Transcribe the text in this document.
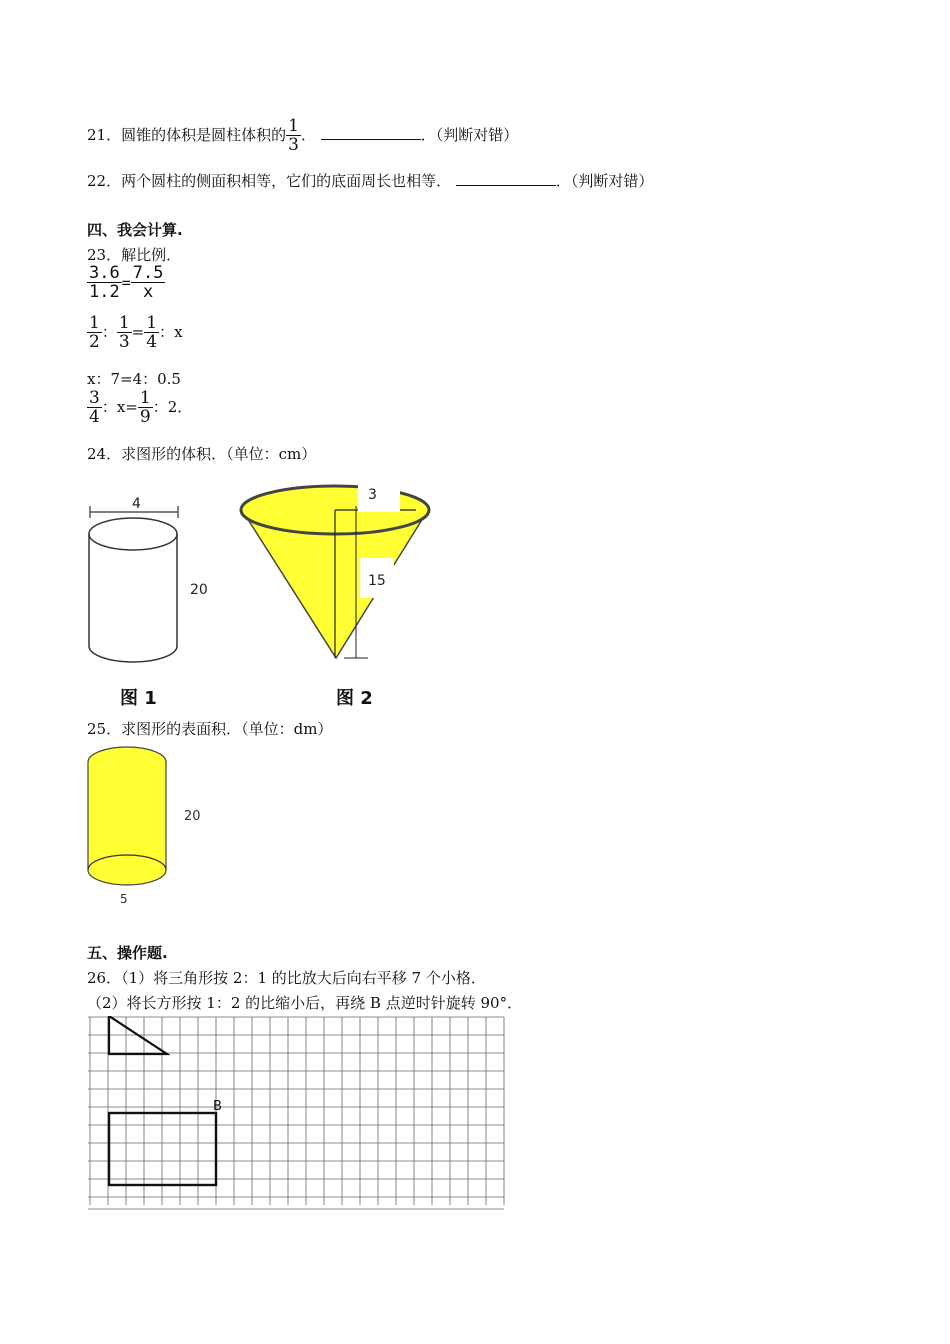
21．圆锥的体积是圆柱体积的 $\frac{1}{3}$ ．	．（判断对错）
22．两个圆柱的侧面积相等，它们的底面周长也相等．	．（判断对错）
四、我会计算.
23．解比例．
$\frac{3.6}{1.2} = \frac{7.5}{x}$
$\frac{1}{2}$ ： $\frac{1}{3} = \frac{1}{4}$ ：x
x：7=4：0.5
$\frac{3}{4}$ ：$x= \frac{1}{9}$ ：2．
24．求图形的体积．（单位：cm）
4
20
图 1
3
15
图 2
25．求图形的表面积．（单位：dm）
20
5
五、操作题.
26．（1）将三角形按 2：1 的比放大后向右平移 7 个小格．
（2）将长方形按 1：2 的比缩小后，再绕 B 点逆时针旋转 90°．
B
